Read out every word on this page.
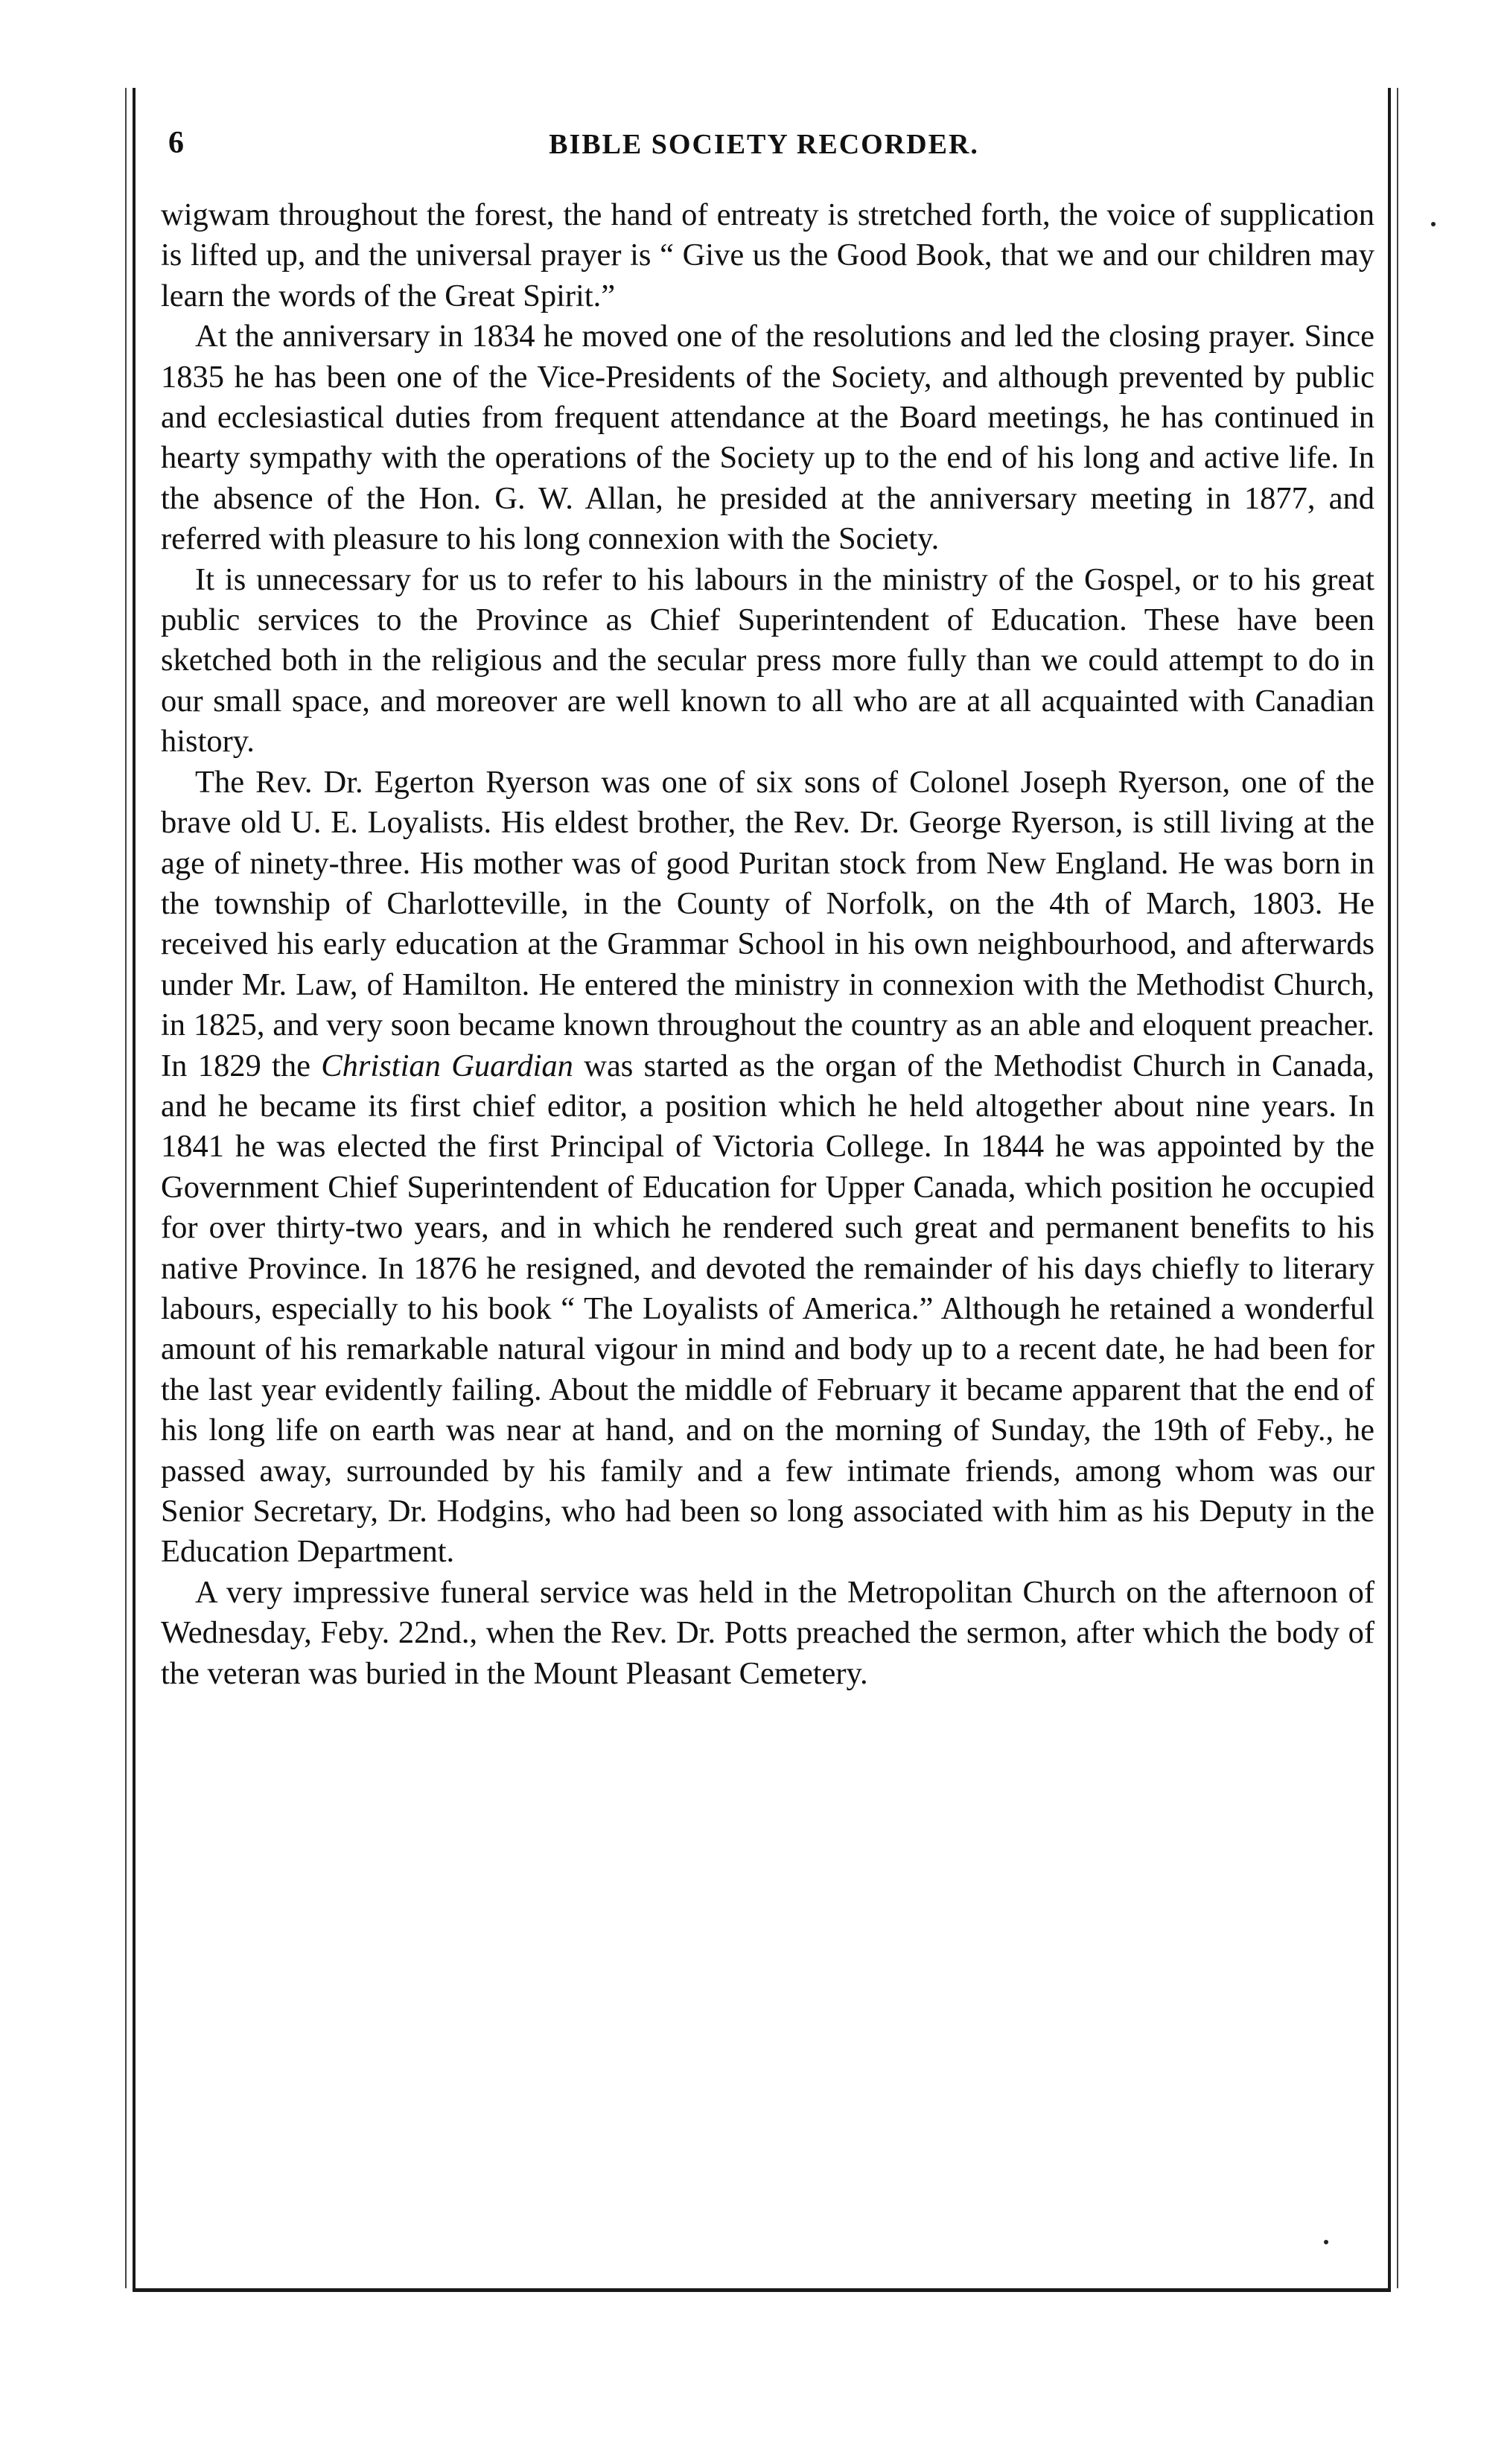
6	BIBLE SOCIETY RECORDER.

wigwam throughout the forest, the hand of entreaty is stretched forth, the voice of supplication is lifted up, and the universal prayer is “ Give us the Good Book, that we and our children may learn the words of the Great Spirit.”

At the anniversary in 1834 he moved one of the resolutions and led the closing prayer. Since 1835 he has been one of the Vice-Presidents of the Society, and although prevented by public and ecclesiastical duties from frequent attendance at the Board meetings, he has continued in hearty sympathy with the operations of the Society up to the end of his long and active life. In the absence of the Hon. G. W. Allan, he presided at the anniversary meeting in 1877, and referred with pleasure to his long connexion with the Society.

It is unnecessary for us to refer to his labours in the ministry of the Gospel, or to his great public services to the Province as Chief Superintendent of Education. These have been sketched both in the religious and the secular press more fully than we could attempt to do in our small space, and moreover are well known to all who are at all acquainted with Canadian history.

The Rev. Dr. Egerton Ryerson was one of six sons of Colonel Joseph Ryerson, one of the brave old U. E. Loyalists. His eldest brother, the Rev. Dr. George Ryerson, is still living at the age of ninety-three. His mother was of good Puritan stock from New England. He was born in the township of Charlotteville, in the County of Norfolk, on the 4th of March, 1803. He received his early education at the Grammar School in his own neighbourhood, and afterwards under Mr. Law, of Hamilton. He entered the ministry in connexion with the Methodist Church, in 1825, and very soon became known throughout the country as an able and eloquent preacher. In 1829 the Christian Guardian was started as the organ of the Methodist Church in Canada, and he became its first chief editor, a position which he held altogether about nine years. In 1841 he was elected the first Principal of Victoria College. In 1844 he was appointed by the Government Chief Superintendent of Education for Upper Canada, which position he occupied for over thirty-two years, and in which he rendered such great and permanent benefits to his native Province. In 1876 he resigned, and devoted the remainder of his days chiefly to literary labours, especially to his book “ The Loyalists of America.” Although he retained a wonderful amount of his remarkable natural vigour in mind and body up to a recent date, he had been for the last year evidently failing. About the middle of February it became apparent that the end of his long life on earth was near at hand, and on the morning of Sunday, the 19th of Feby., he passed away, surrounded by his family and a few intimate friends, among whom was our Senior Secretary, Dr. Hodgins, who had been so long associated with him as his Deputy in the Education Department.

A very impressive funeral service was held in the Metropolitan Church on the afternoon of Wednesday, Feby. 22nd., when the Rev. Dr. Potts preached the sermon, after which the body of the veteran was buried in the Mount Pleasant Cemetery.
